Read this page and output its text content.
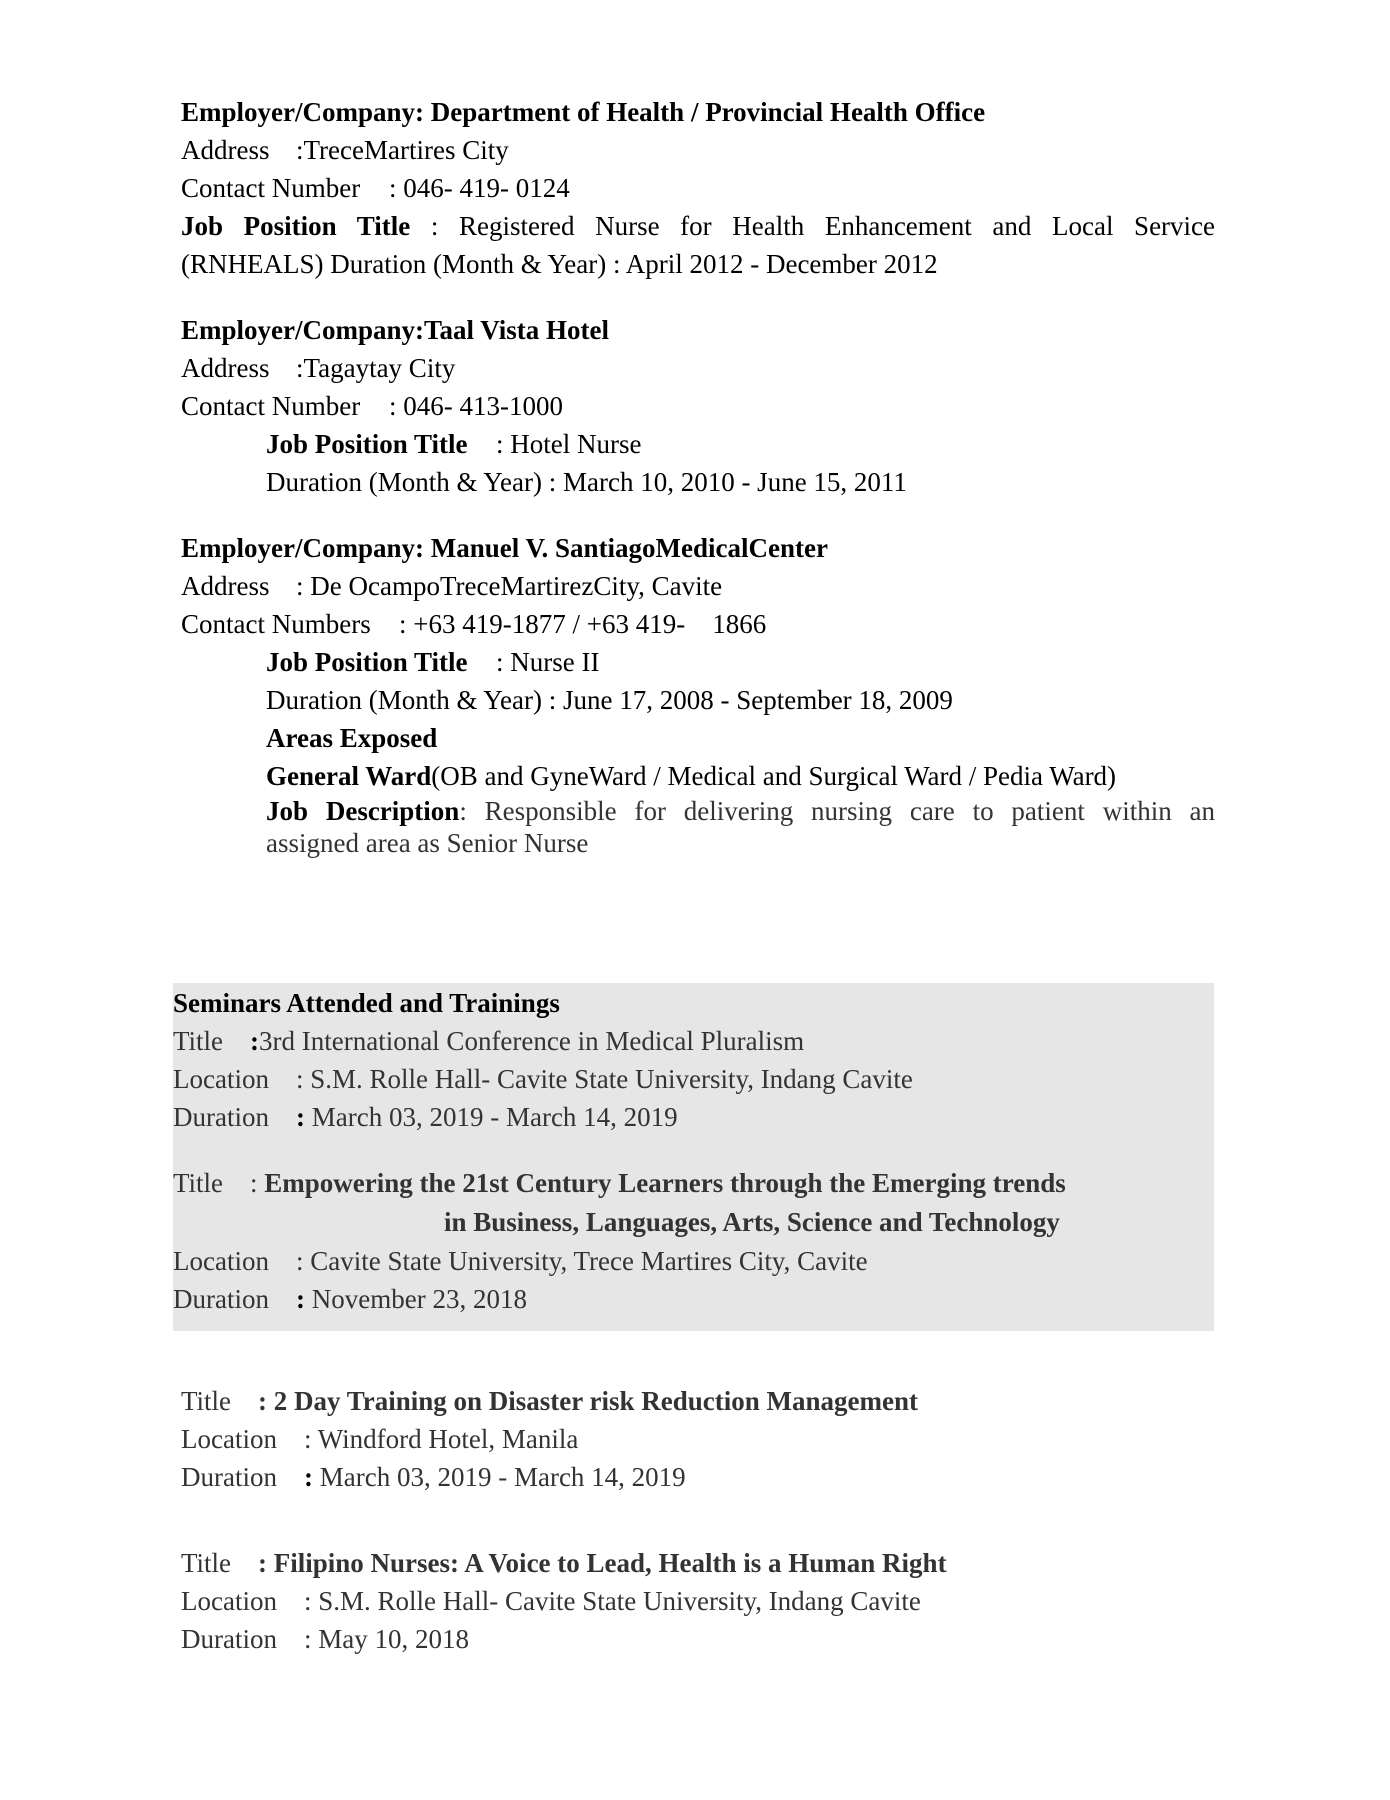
Employer/Company: Department of Health / Provincial Health Office
Address :TreceMartires City
Contact Number : 046- 419- 0124
Job Position Title : Registered Nurse for Health Enhancement and Local Service
(RNHEALS) Duration (Month & Year) : April 2012 - December 2012
Employer/Company:Taal Vista Hotel
Address :Tagaytay City
Contact Number : 046- 413-1000
Job Position Title : Hotel Nurse
Duration (Month & Year) : March 10, 2010 - June 15, 2011
Employer/Company: Manuel V. SantiagoMedicalCenter
Address : De OcampoTreceMartirezCity, Cavite
Contact Numbers : +63 419-1877 / +63 419-    1866
Job Position Title : Nurse II
Duration (Month & Year) : June 17, 2008 - September 18, 2009
Areas Exposed
General Ward(OB and GyneWard / Medical and Surgical Ward / Pedia Ward)
Job Description: Responsible for delivering nursing care to patient within an
assigned area as Senior Nurse
Seminars Attended and Trainings
Title :3rd International Conference in Medical Pluralism
Location : S.M. Rolle Hall- Cavite State University, Indang Cavite
Duration : March 03, 2019 - March 14, 2019
Title : Empowering the 21st Century Learners through the Emerging trends
in Business, Languages, Arts, Science and Technology
Location : Cavite State University, Trece Martires City, Cavite
Duration : November 23, 2018
Title : 2 Day Training on Disaster risk Reduction Management
Location : Windford Hotel, Manila
Duration : March 03, 2019 - March 14, 2019
Title : Filipino Nurses: A Voice to Lead, Health is a Human Right
Location : S.M. Rolle Hall- Cavite State University, Indang Cavite
Duration : May 10, 2018
